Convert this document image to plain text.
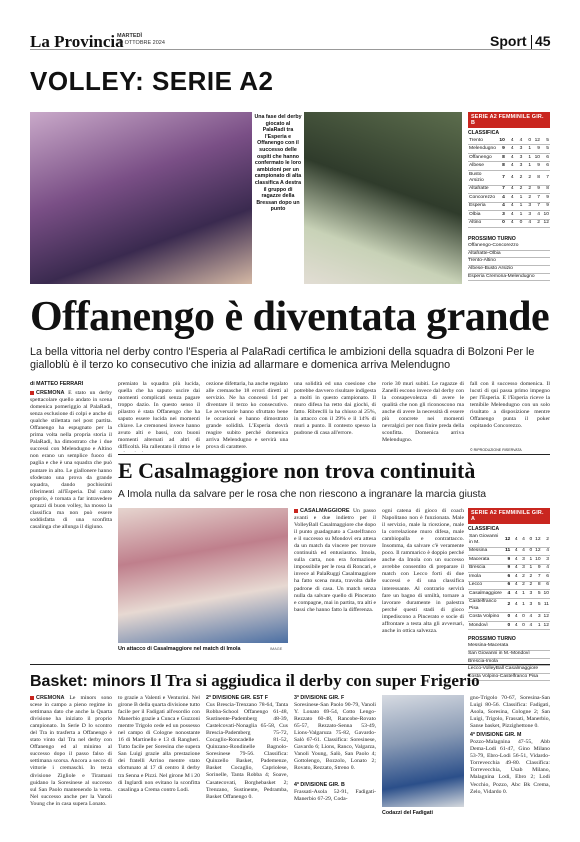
La Provincia
MARTEDÌ
29 OTTOBRE 2024	Sport 45
VOLLEY: SERIE A2
Una fase del derby giocato al PalaRadi tra l'Esperia e Offanengo con il successo delle ospiti che hanno confermato le loro ambizioni per un campionato di alta classifica A destra il gruppo di ragazze della Bressan dopo un punto
SERIE A2 FEMMINILE GIR. B
CLASSIFICA
Trento	10	4	4	0	12	5
Melendugno	9	4	3	1	9	5
Offanengo	8	4	3	1	10	6
Albese	8	4	3	1	9	6
Busto Arsizio	7	4	2	2	8	7
Altafratte	7	4	2	2	9	8
Concorezzo	4	4	1	2	7	9
Esperia	4	4	1	3	7	9
Olbia	3	4	1	3	4	10
Altino	0	4	0	4	2	12
PROSSIMO TURNO
Offanengo-Concorezzo
Altafratte-Olbia
Trento-Altino
Albese-Busto Arsizio
Esperia Cremona-Melendugno
Offanengo è diventata grande
La bella vittoria nel derby contro l'Esperia al PalaRadi certifica le ambizioni della squadra di Bolzoni Per le gialloblù è il terzo ko consecutivo che inizia ad allarmare e domenica arriva Melendugno
di MATTEO FERRARI
CREMONA E stato un derby spettacolare quello andato in scena domenica pomeriggio al PalaRadi, senza esclusione di colpi e anche di qualche stilettata nel post partita. Offanengo ha espugnato per la prima volta nella propria storia il PalaRadi, ha dimostrato che i due successi con Melendugno e Altino non erano un semplice fuoco di paglia e che è una squadra che può puntare in alto. Le giallonere hanno sfoderato una prova da grande squadra, dando pochissimi riferimenti all'Esperia. Dal canto proprio, è tornata a far intravedere sprazzi di buon volley, ha mosso la classifica ma non può essere soddisfatta di una sconfitta casalinga che allunga il digiuno.
premiato la squadra più lucida, quella che ha saputo uscire dai momenti complicati senza pagare troppo dazio. In questo senso il pilastro è stata Offanengo che ha saputo essere lucida nei momenti chiave. Le cremonesi invece hanno avuto alti e bassi, con buoni momenti alternati ad altri di difficoltà. Ha rallentato il ritmo e le
cezione difettaria, ha anche regalato alle cremasche 18 errori diretti al servizio. Ne ha concessi 14 per diventare il terzo ko consecutivo. Le avversarie hanno sfruttato bene le occasioni e hanno dimostrato grande solidità. L'Esperia dovrà reagire subito perché domenica arriva Melendugno e servirà una prova di carattere.
una solidità ed una coesione che potrebbe davvero risultare indigesta a molti in questo campionato. Il muro difesa ha retto dai giochi, di fatto. Ribreclli la ha chiuso al 25%, in attacco con il 29% e il 14% di muri a punto. Il contesto spesso la pudrone di casa all'errore.
rorie 30 muri subiti. Le ragazze di Zanelli escono invece dal derby con la consapevolezza di avere le qualità che non gli riconoscono ma anche di avere la necessità di essere più concrete nei momenti nevralgici per non finire preda della sconfitta. Domenica arriva Melendugno.
fall con il successo domenica. Il lucsti di qui passa primo impegno per l'Esperia. E l'Esperia riceve la temibile Melendugno con un solo risultato a disposizione mentre Offanengo punta il poker ospitando Concorezzo.
© RIPRODUZIONE RISERVATA
E Casalmaggiore non trova continuità
A Imola nulla da salvare per le rosa che non riescono a ingranare la marcia giusta
Un attacco di Casalmaggiore nel match di Imola	IMAGE
CASALMAGGIORE Un passo avanti e due indietro per il VolleyBall Casalmaggiore che dopo il punto guadagnato a Castelfranco e il successo su Mondovì era attesa da un match da vincere per trovare continuità ed entusiasmo. Imola, sulla carta, non era formazione impossibile per le rosa di Roncari, e invece al PalaRuggi Casalmaggiore ha fatto scena muta, travolta dalle padrone di casa. Un match senza nulla da salvare quello di Pincerato e compagne, mai in partita, tra alti e bassi che hanno fatto la differenza.
ogni catena di gioco di coach Napolitano non è funzionata. Male il servizio, male la ricezione, male la correlazione muro difesa, male cambiopalla e contrattacco. Insomma, da salvare c'è veramente poco. Il rammarico è doppio perché anche da Imola con un successo avrebbe consentito di preparare il match con Lecco forti di due successi e di una classifica interessante. Al contrario servirà fare un bagno di umiltà, tornare a lavorare duramente in palestra perché questi stadi di gioco impediscono a Pincerato e socie di affrontare a testa alta gli avversari, anche in ottica salvezza.
SERIE A2 FEMMINILE GIR. A
CLASSIFICA
San Giovanni in M.	12	4	4	0	12	2
Messina	11	4	4	0	12	4
Macerata	9	4	3	1	10	3
Brescia	9	4	3	1	9	4
Imola	6	4	2	2	7	6
Lecco	6	4	2	2	8	6
Casalmaggiore	4	4	1	3	5	10
Castelfranco Pisa	2	4	1	3	5	11
Costa Volpino	0	4	0	4	3	12
Mondovì	0	4	0	4	1	12
PROSSIMO TURNO
Messina-Macerata
San Giovanni in M.-Mondovì
Brescia-Imola
Lecco-VolleyBall Casalmaggiore
Costa Volpino-Castelfranco Pisa
Basket: minors Il Tra si aggiudica il derby con super Frigerio
CREMONA Le minors sono scese in campo a pieno regime in settimana dato che anche la Quarta divisione ha iniziato il proprio campionato. In Serie D lo scontro del Tra in trasferta a Offanengo è stato vinto dal Tra nel derby con Offanengo ed al minimo al successo dopo il passo falso di settimana scorsa. Ancora a secco di vittorie i cremaschi. In terza divisione Zigliole e Tiramani guidano la Soresinese al successo sul San Paolo mantenendo la vetta. Nel successo anche per la Vanoli Young che in casa supera Lonato.
to grazie a Valenti e Venturini. Nel girone B della quarta divisione tutto facile per il Fadigati all'esordio con Manerbio grazie a Cunca e Guzzoni mentre Trigolo cede ed un possesso nel campo di Cologne nonostante 16 di Martinello e 13 di Rangheri. Tutto facile per Soresina che supera San Luigi grazie alla prestazione dei fratelli Arrino mentre stato sfortunato al 17 di centro il derby tra Senna e Pizzi. Nel girone M i 20 di Inglardi non evitano la sconfitta casalinga a Crema contro Lodi.
2ª DIVISIONE GIR. EST F
Cus Brescia-Trenzano 78-64, Tanta Robba-School Offanengo 61-48, Sustinente-Pademberg 48-39, Castelcovati-Nonaglia 65-58, Cus Brescia-Pademberg 75-72, Cocaglio-Roncadelle 81-52, Quinzano-Rondinelle Bagnolo-Soresinese 79-56. Classifica: Quinzello Basket, Pademenze, Basket Cocaglio, Capriolese, Sorinelle, Tanta Robba 4; Soave, Casatecovati, Borghebasket 2; Trenzano, Sustinente, Pedramba, Basket Offanengo 0.
3ª DIVISIONE GIR. F
Soresinese-San Paolo 90-79, Vanoli Y. Lonato 69-54, Cotto Lengo-Rezzato 60-48, Rancobe-Rovato 65-57, Rezzato-Senna 53-49, Lions-Valgaruza 75-82, Gavardo-Salò 67-61. Classifica: Soresinese, Gavardo 6; Lions, Ranco, Valgarza, Vanoli Young, Salò, San Paolo 4; Gottolengo, Bozzolo, Lonato 2; Rovato, Rezzato, Streno 0.
4ª DIVISIONE GIR. B
Frassati-Asola 52-91, Fadigati-Manerbio 67-29, Coda-
Codazzi del Fadigati
gno-Trigolo 70-67, Soresina-San Luigi 80-56. Classifica: Fadigati, Asola, Soresina, Cologne 2; San Luigi, Trigolo, Frassati, Manerbio, Sanse basket, Pizzighettone 0.
4ª DIVISIONE GIR. M
Pozzo-Malagnina 47-55, Abb Dema-Lodi 61-47, Gino Milano 53-79, Ebro-Lodi 56-51, Vidardo-Torrevecchia 49-80. Classifica: Torrevecchia, Usab Milano, Malagnina Lodi, Ebro 2; Lodi Vecchio, Pozzo, Abc Bk Crema, Zelo, Vidardo 0.
